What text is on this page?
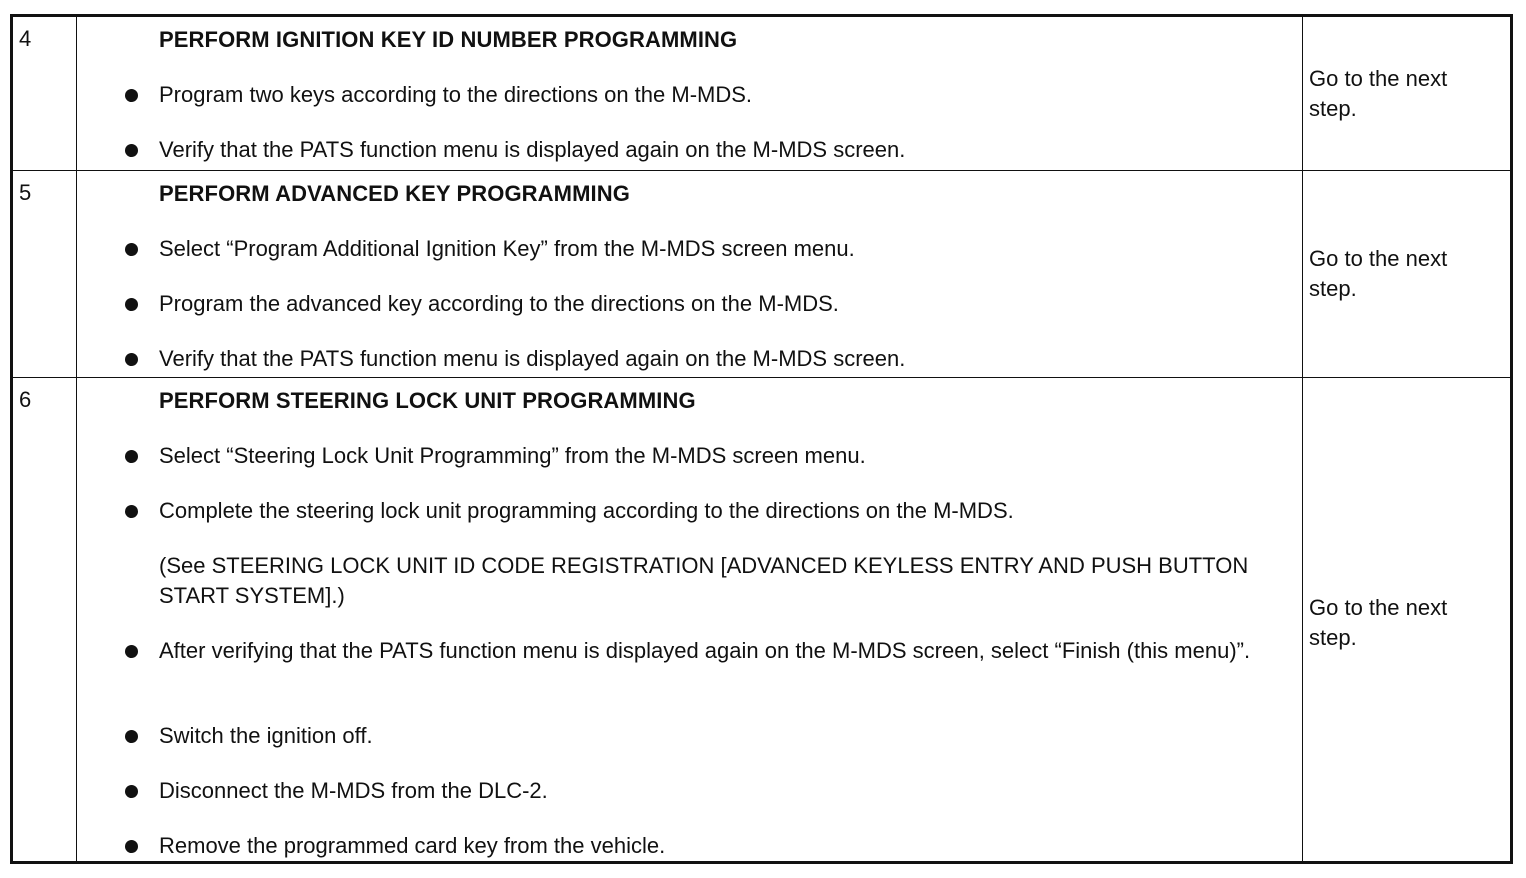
4	PERFORM IGNITION KEY ID NUMBER PROGRAMMING
Program two keys according to the directions on the M-MDS.
Verify that the PATS function menu is displayed again on the M-MDS screen.
Go to the next step.
5	PERFORM ADVANCED KEY PROGRAMMING
Select “Program Additional Ignition Key” from the M-MDS screen menu.
Program the advanced key according to the directions on the M-MDS.
Verify that the PATS function menu is displayed again on the M-MDS screen.
Go to the next step.
6	PERFORM STEERING LOCK UNIT PROGRAMMING
Select “Steering Lock Unit Programming” from the M-MDS screen menu.
Complete the steering lock unit programming according to the directions on the M-MDS.
(See STEERING LOCK UNIT ID CODE REGISTRATION [ADVANCED KEYLESS ENTRY AND PUSH BUTTON START SYSTEM].)
After verifying that the PATS function menu is displayed again on the M-MDS screen, select “Finish (this menu)”.
Switch the ignition off.
Disconnect the M-MDS from the DLC-2.
Remove the programmed card key from the vehicle.
Go to the next step.
